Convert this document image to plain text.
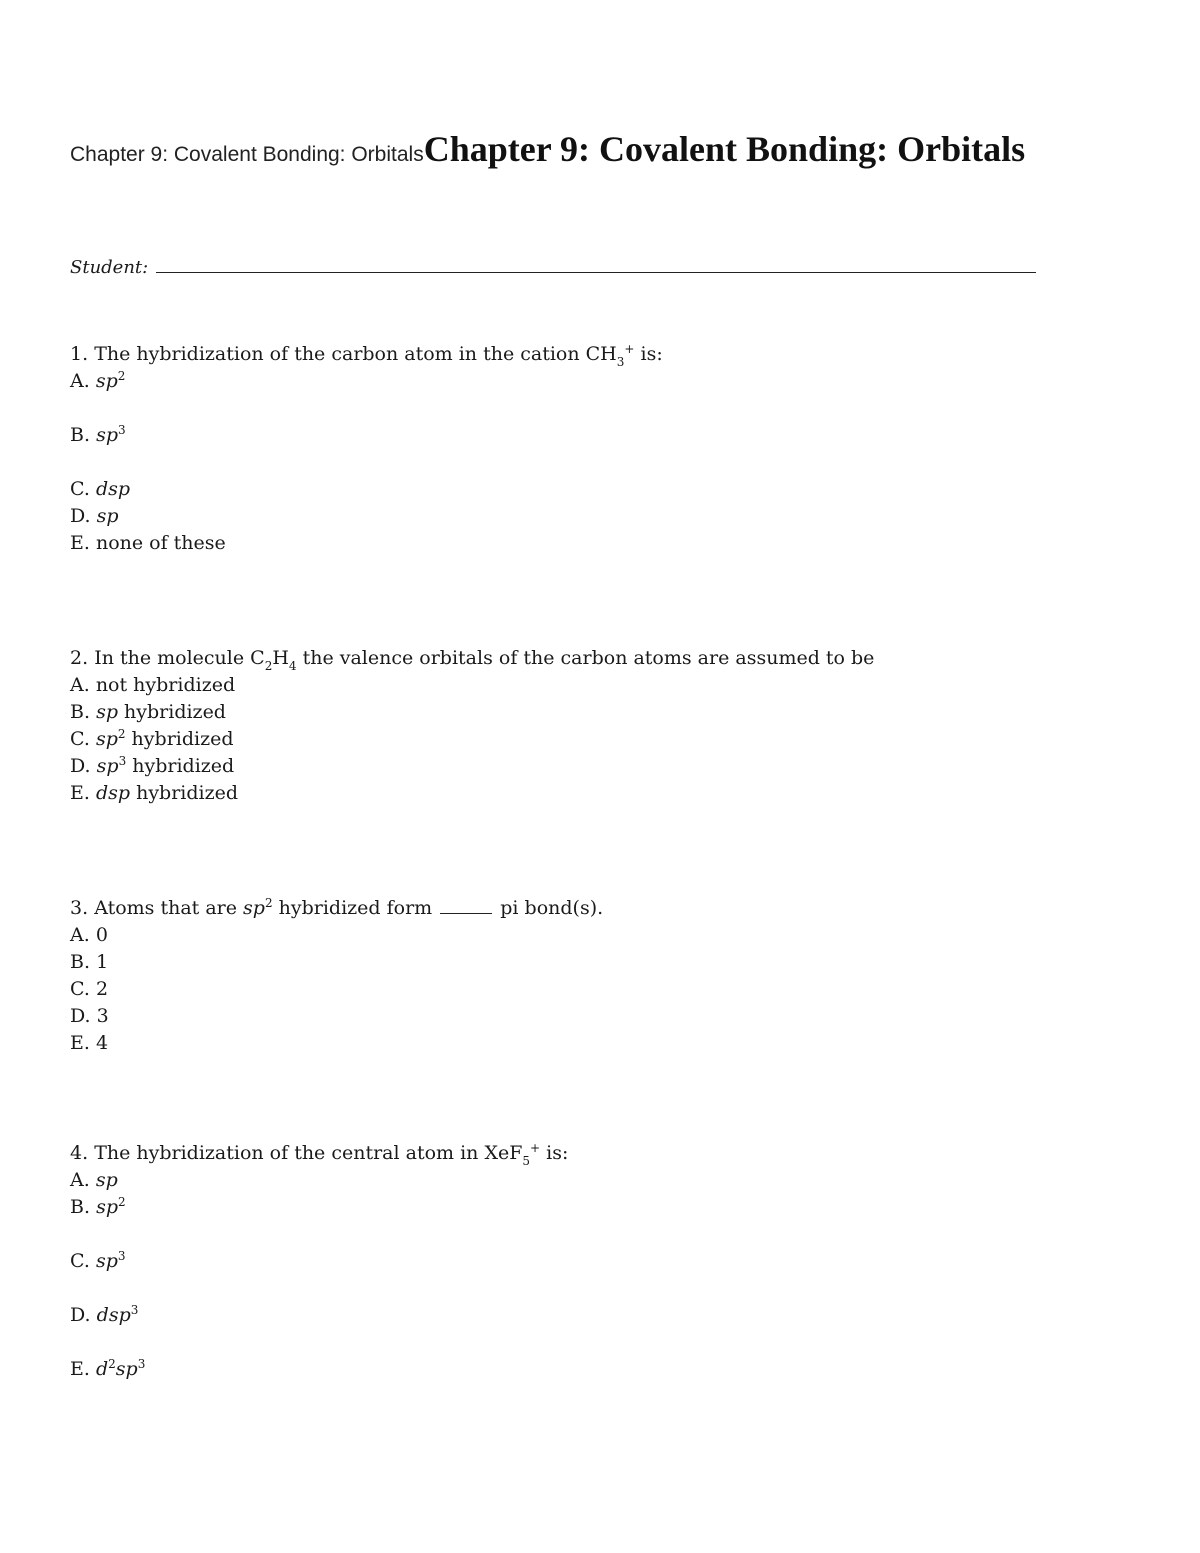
Chapter 9: Covalent Bonding: Orbitals Chapter 9: Covalent Bonding: Orbitals
Student:
1. The hybridization of the carbon atom in the cation $CH_3^+$ is:
A. $sp^2$
B. $sp^3$
C. dsp
D. sp
E. none of these
2. In the molecule $C_2H_4$ the valence orbitals of the carbon atoms are assumed to be
A. not hybridized
B. sp hybridized
C. $sp^2$ hybridized
D. $sp^3$ hybridized
E. dsp hybridized
3. Atoms that are $sp^2$ hybridized form	pi bond(s).
A. 0
B. 1
C. 2
D. 3
E. 4
4. The hybridization of the central atom in XeF$_5$+ is:
A. sp
B. $sp^2$
C. $sp^3$
D. dsp$^3$
E. $d^2sp^3$
